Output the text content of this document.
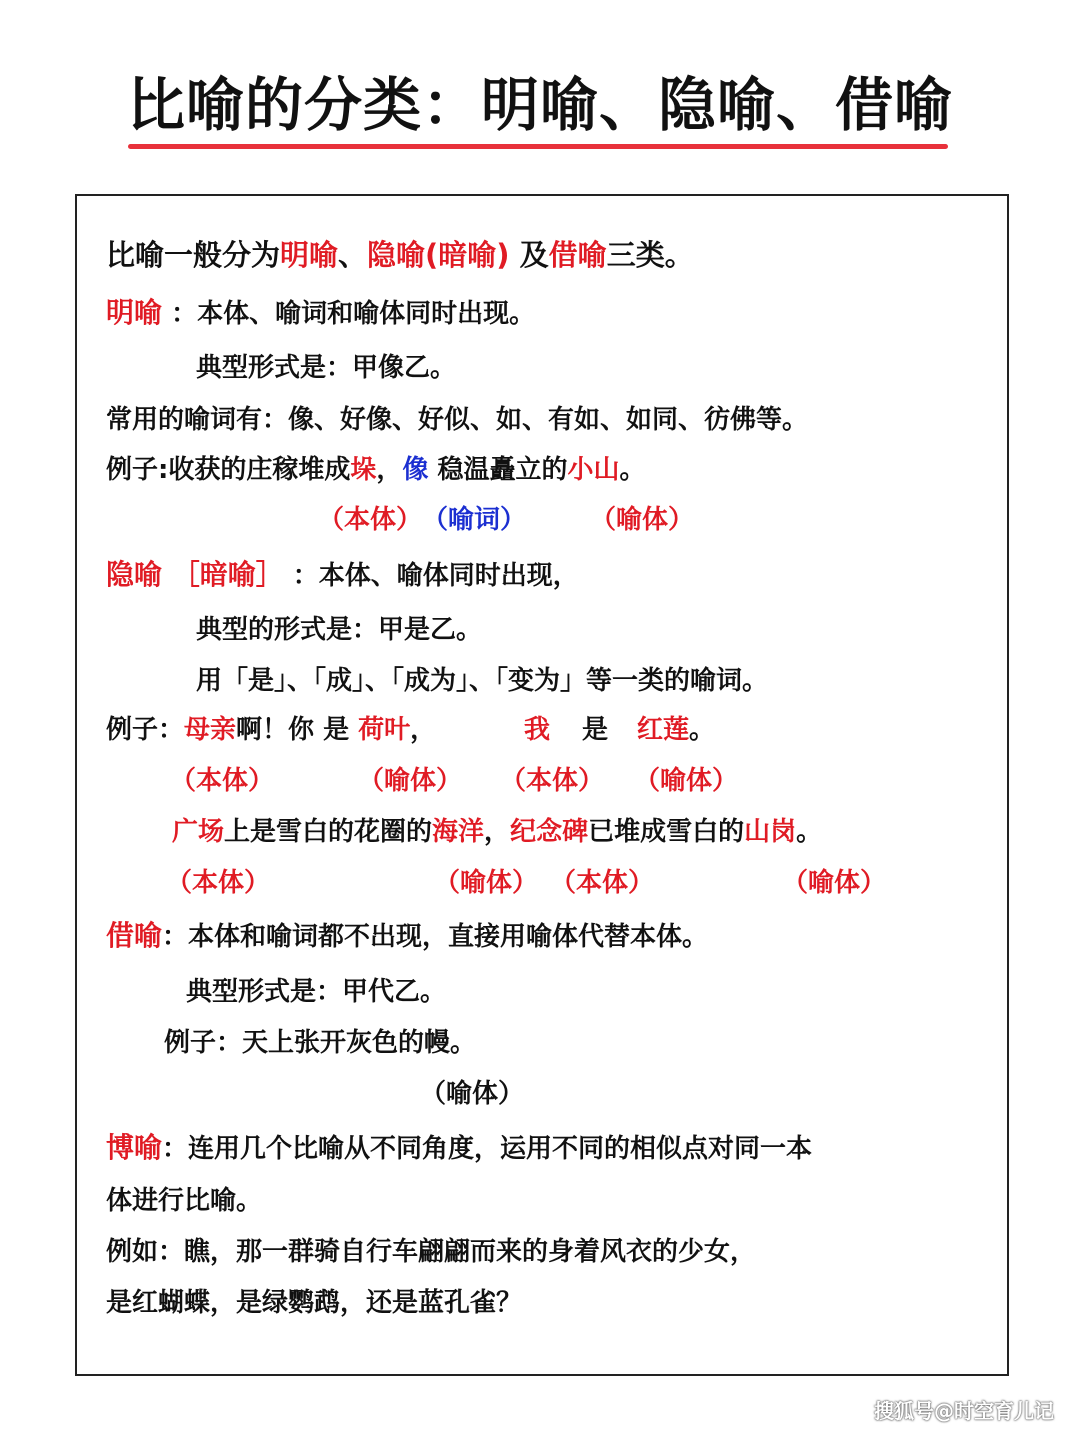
比喻的分类：明喻、隐喻、借喻

比喻一般分为明喻、隐喻(暗喻) 及借喻三类。

明喻 ：本体、喻词和喻体同时出现。

典型形式是：甲像乙。

常用的喻词有：像、好像、好似、如、有如、如同、彷佛等。

例子:收获的庄稼堆成垛，像 稳温矗立的小山。

（本体） （喻词） （喻体）

隐喻 ［暗喻］ ：本体、喻体同时出现，

典型的形式是：甲是乙。

用「是」、「成」、「成为」、「变为」等一类的喻词。

例子：母亲啊！你 是 荷叶，	我 是 红莲。

（本体）	（喻体） （本体） （喻体）

广场上是雪白的花圈的海洋，纪念碑已堆成雪白的山岗。

（本体）	（喻体） （本体）	（喻体）

借喻：本体和喻词都不出现，直接用喻体代替本体。

典型形式是：甲代乙。

例子：天上张开灰色的幔。

（喻体）

博喻：连用几个比喻从不同角度，运用不同的相似点对同一本

体进行比喻。

例如：瞧，那一群骑自行车翩翩而来的身着风衣的少女，

是红蝴蝶，是绿鹦鹉，还是蓝孔雀？

搜狐号@时空育儿记
